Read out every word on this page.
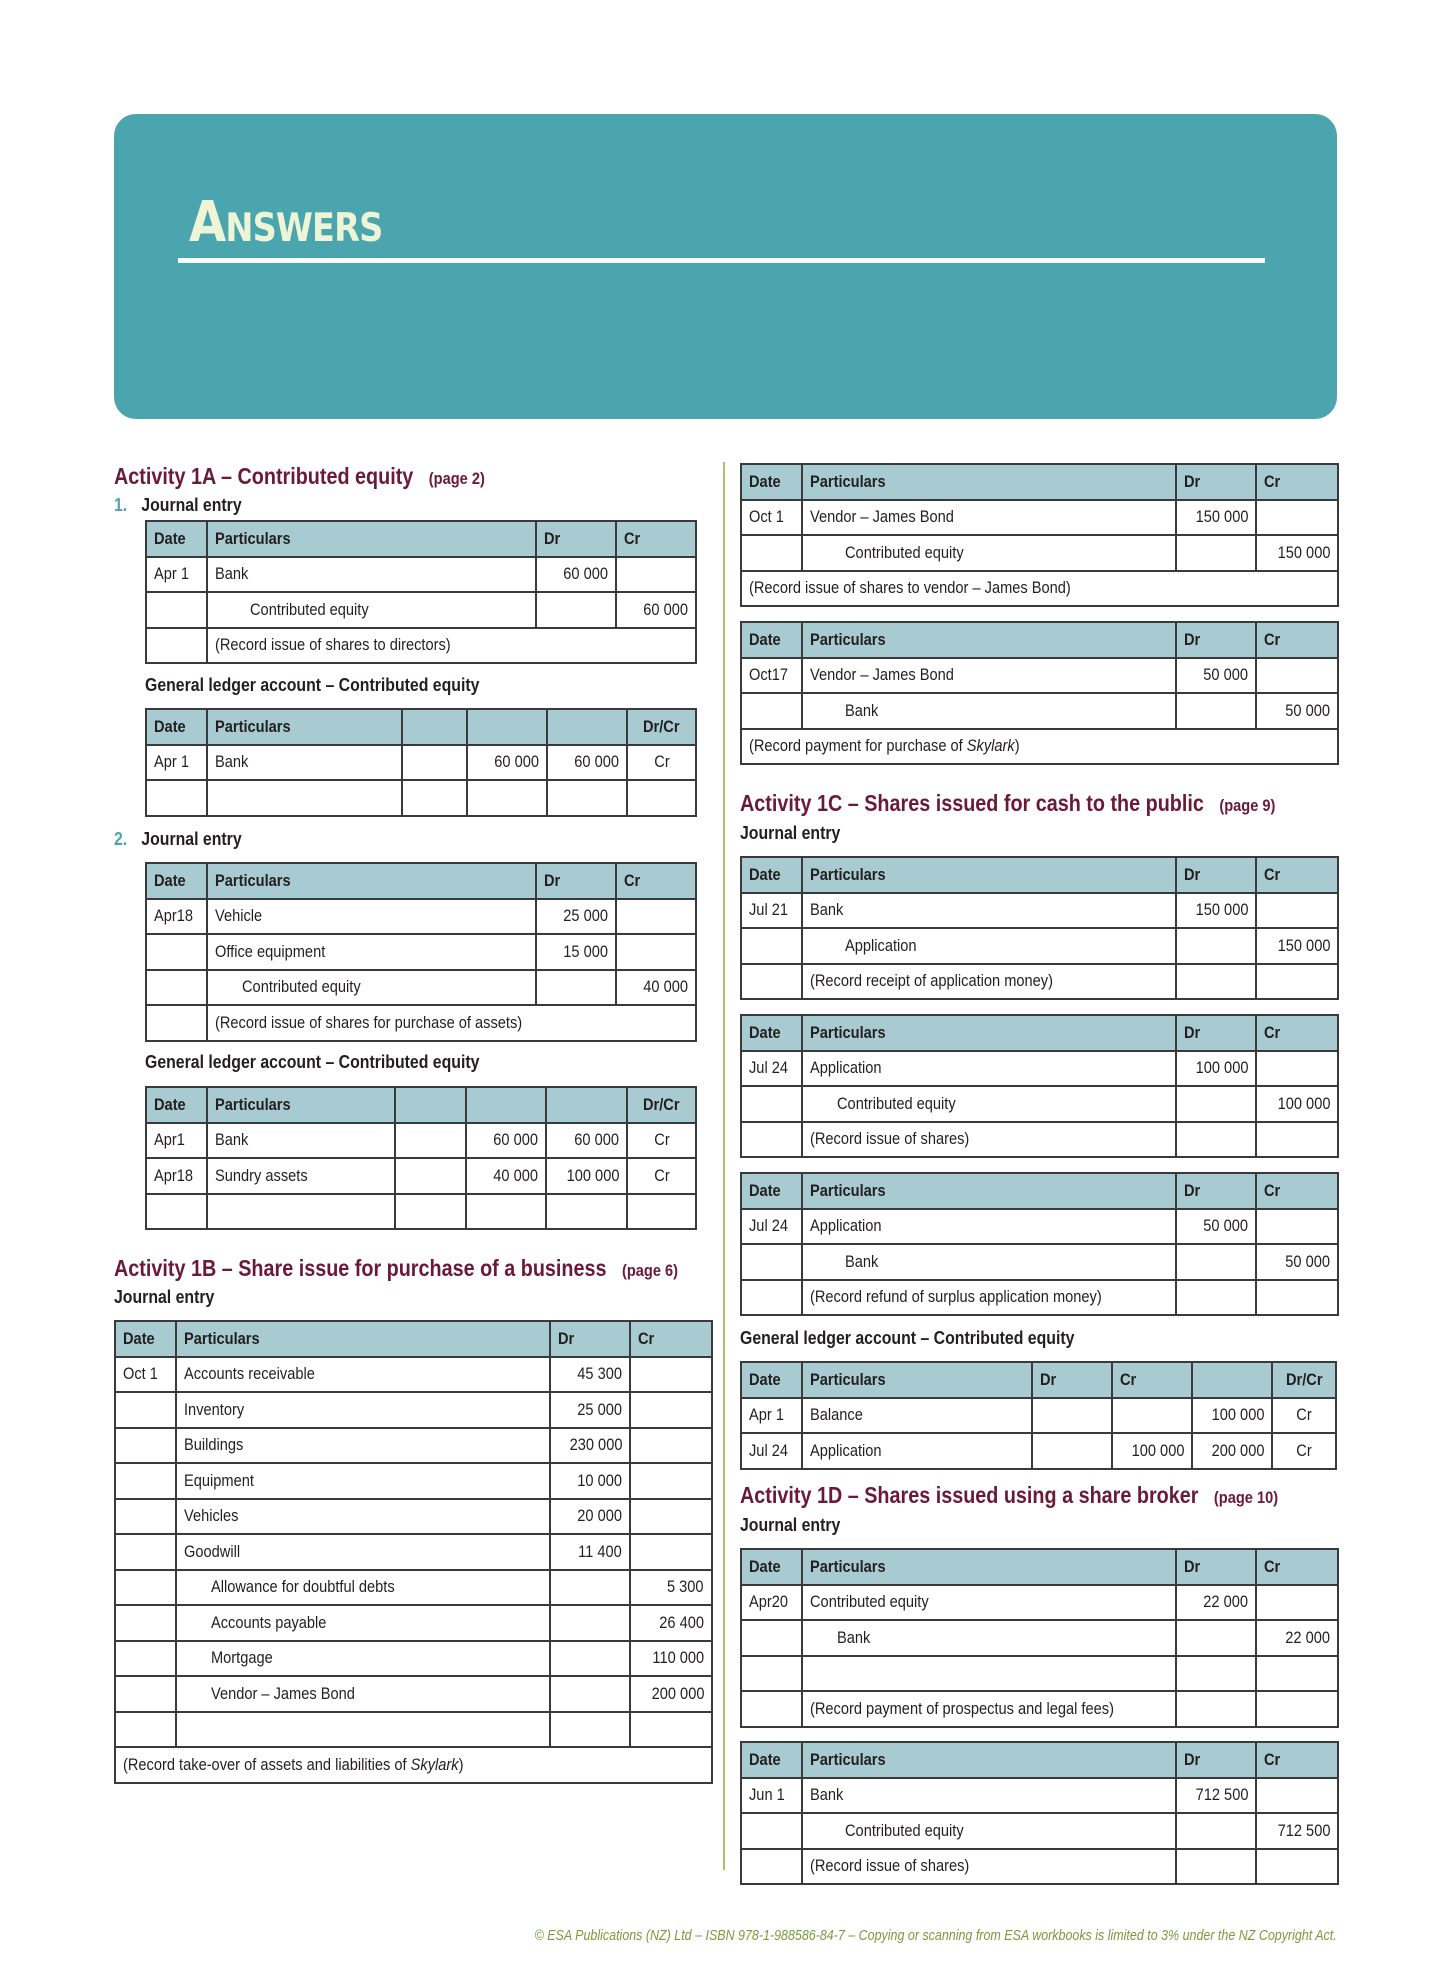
Answers
Activity 1A – Contributed equity (page 2)
1. Journal entry
Date	Particulars	Dr	Cr
Apr 1	Bank	60 000	
	Contributed equity		60 000
	(Record issue of shares to directors)		
General ledger account – Contributed equity
Date	Particulars				Dr/Cr
Apr 1	Bank		60 000	60 000	Cr

2. Journal entry
Date	Particulars	Dr	Cr
Apr18	Vehicle	25 000	
	Office equipment	15 000	
	Contributed equity		40 000
	(Record issue of shares for purchase of assets)		
General ledger account – Contributed equity
Date	Particulars				Dr/Cr
Apr1	Bank		60 000	60 000	Cr
Apr18	Sundry assets		40 000	100 000	Cr

Activity 1B – Share issue for purchase of a business (page 6)
Journal entry
Date	Particulars	Dr	Cr
Oct 1	Accounts receivable	45 300	
	Inventory	25 000	
	Buildings	230 000	
	Equipment	10 000	
	Vehicles	20 000	
	Goodwill	11 400	
	Allowance for doubtful debts		5 300
	Accounts payable		26 400
	Mortgage		110 000
	Vendor – James Bond		200 000

(Record take-over of assets and liabilities of Skylark)			
Date	Particulars	Dr	Cr
Oct 1	Vendor – James Bond	150 000	
	Contributed equity		150 000
(Record issue of shares to vendor – James Bond)			
Date	Particulars	Dr	Cr
Oct17	Vendor – James Bond	50 000	
	Bank		50 000
(Record payment for purchase of Skylark)			
Activity 1C – Shares issued for cash to the public (page 9)
Journal entry
Date	Particulars	Dr	Cr
Jul 21	Bank	150 000	
	Application		150 000
	(Record receipt of application money)		
Date	Particulars	Dr	Cr
Jul 24	Application	100 000	
	Contributed equity		100 000
	(Record issue of shares)		
Date	Particulars	Dr	Cr
Jul 24	Application	50 000	
	Bank		50 000
	(Record refund of surplus application money)		
General ledger account – Contributed equity
Date	Particulars	Dr	Cr		Dr/Cr
Apr 1	Balance			100 000	Cr
Jul 24	Application		100 000	200 000	Cr
Activity 1D – Shares issued using a share broker (page 10)
Journal entry
Date	Particulars	Dr	Cr
Apr20	Contributed equity	22 000	
	Bank		22 000

	(Record payment of prospectus and legal fees)		
Date	Particulars	Dr	Cr
Jun 1	Bank	712 500	
	Contributed equity		712 500
	(Record issue of shares)		
© ESA Publications (NZ) Ltd – ISBN 978-1-988586-84-7 – Copying or scanning from ESA workbooks is limited to 3% under the NZ Copyright Act.
